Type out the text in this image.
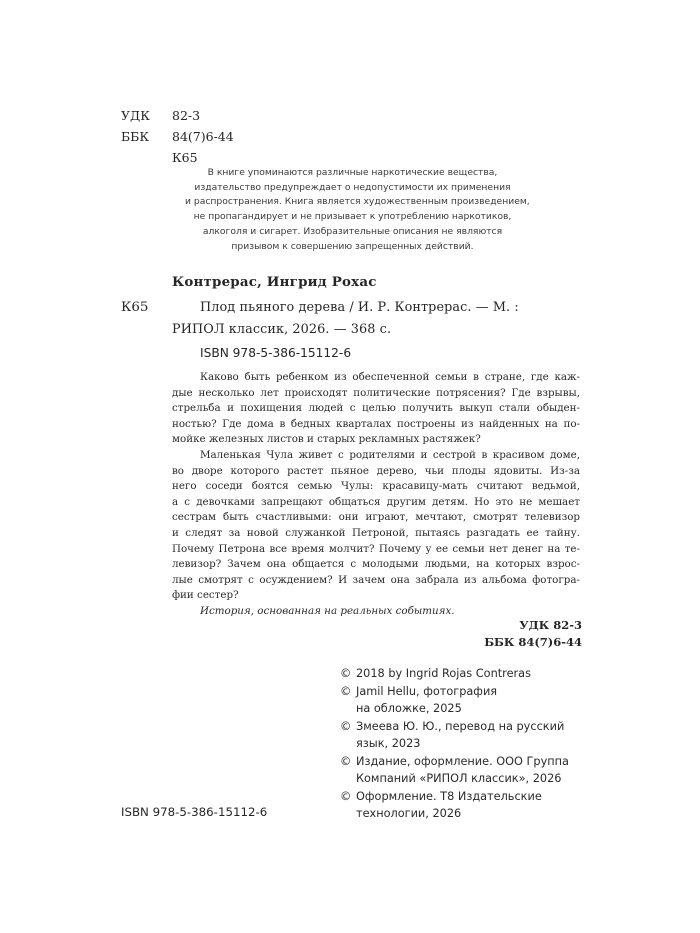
УДК 82-3
ББК 84(7)6-44
К65
В книге упоминаются различные наркотические вещества,
издательство предупреждает о недопустимости их применения
и распространения. Книга является художественным произведением,
не пропагандирует и не призывает к употреблению наркотиков,
алкоголя и сигарет. Изобразительные описания не являются
призывом к совершению запрещенных действий.
Контрерас, Ингрид Рохас
К65	Плод пьяного дерева / И. Р. Контрерас. — М. :
РИПОЛ классик, 2026. — 368 с.
ISBN 978-5-386-15112-6
Каково быть ребенком из обеспеченной семьи в стране, где каж-
дые несколько лет происходят политические потрясения? Где взрывы,
стрельба и похищения людей с целью получить выкуп стали обыден-
ностью? Где дома в бедных кварталах построены из найденных на по-
мойке железных листов и старых рекламных растяжек?
Маленькая Чула живет с родителями и сестрой в красивом доме,
во дворе которого растет пьяное дерево, чьи плоды ядовиты. Из-за
него соседи боятся семью Чулы: красавицу-мать считают ведьмой,
а с девочками запрещают общаться другим детям. Но это не мешает
сестрам быть счастливыми: они играют, мечтают, смотрят телевизор
и следят за новой служанкой Петроной, пытаясь разгадать ее тайну.
Почему Петрона все время молчит? Почему у ее семьи нет денег на те-
левизор? Зачем она общается с молодыми людьми, на которых взрос-
лые смотрят с осуждением? И зачем она забрала из альбома фотогра-
фии сестер?
История, основанная на реальных событиях.
УДК 82-3
ББК 84(7)6-44
© 2018 by Ingrid Rojas Contreras
© Jamil Hellu, фотография
на обложке, 2025
© Змеева Ю. Ю., перевод на русский
язык, 2023
© Издание, оформление. ООО Группа
Компаний «РИПОЛ классик», 2026
© Оформление. Т8 Издательские
технологии, 2026
ISBN 978-5-386-15112-6
